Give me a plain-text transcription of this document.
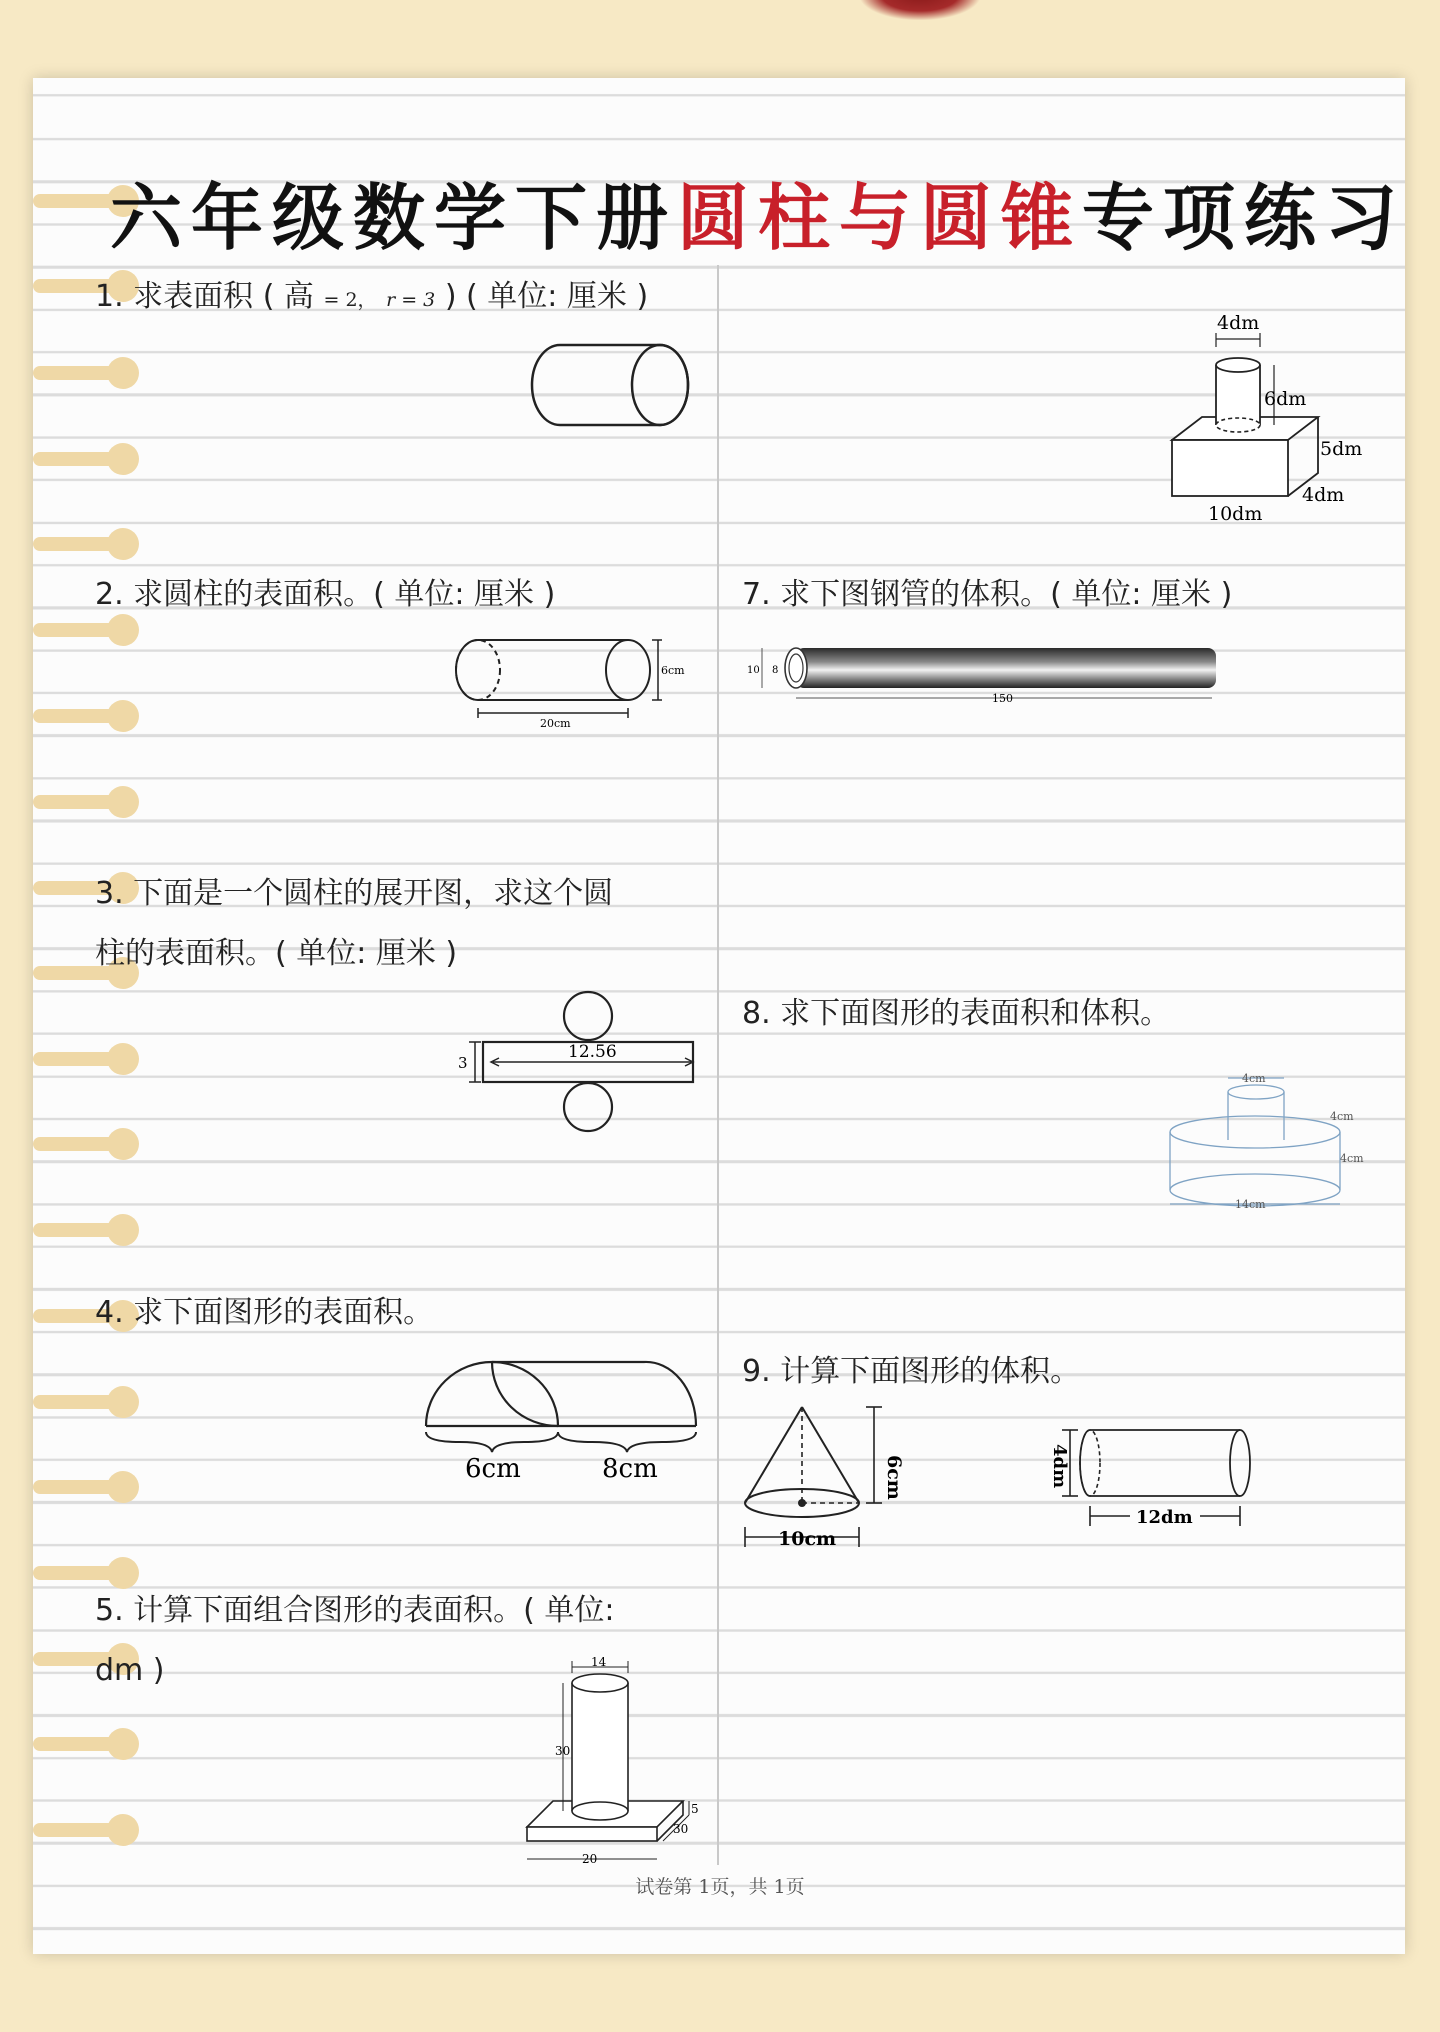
六年级数学下册圆柱与圆锥专项练习
1. 求表面积 ( 高 = 2， r = 3 ) ( 单位: 厘米 )
2. 求圆柱的表面积。( 单位: 厘米 )
6cm
20cm
3. 下面是一个圆柱的展开图，求这个圆
柱的表面积。( 单位: 厘米 )
12.56
3
4. 求下面图形的表面积。
6cm	8cm
5. 计算下面组合图形的表面积。( 单位:
dm )	14
30
20
30
5
4dm
6dm
5dm
4dm
10dm
7. 求下图钢管的体积。( 单位: 厘米 )
10 8
150
8. 求下面图形的表面积和体积。
4cm
4cm
4cm
14cm
9. 计算下面图形的体积。
6cm
10cm
4dm
12dm
试卷第 1页，共 1页
